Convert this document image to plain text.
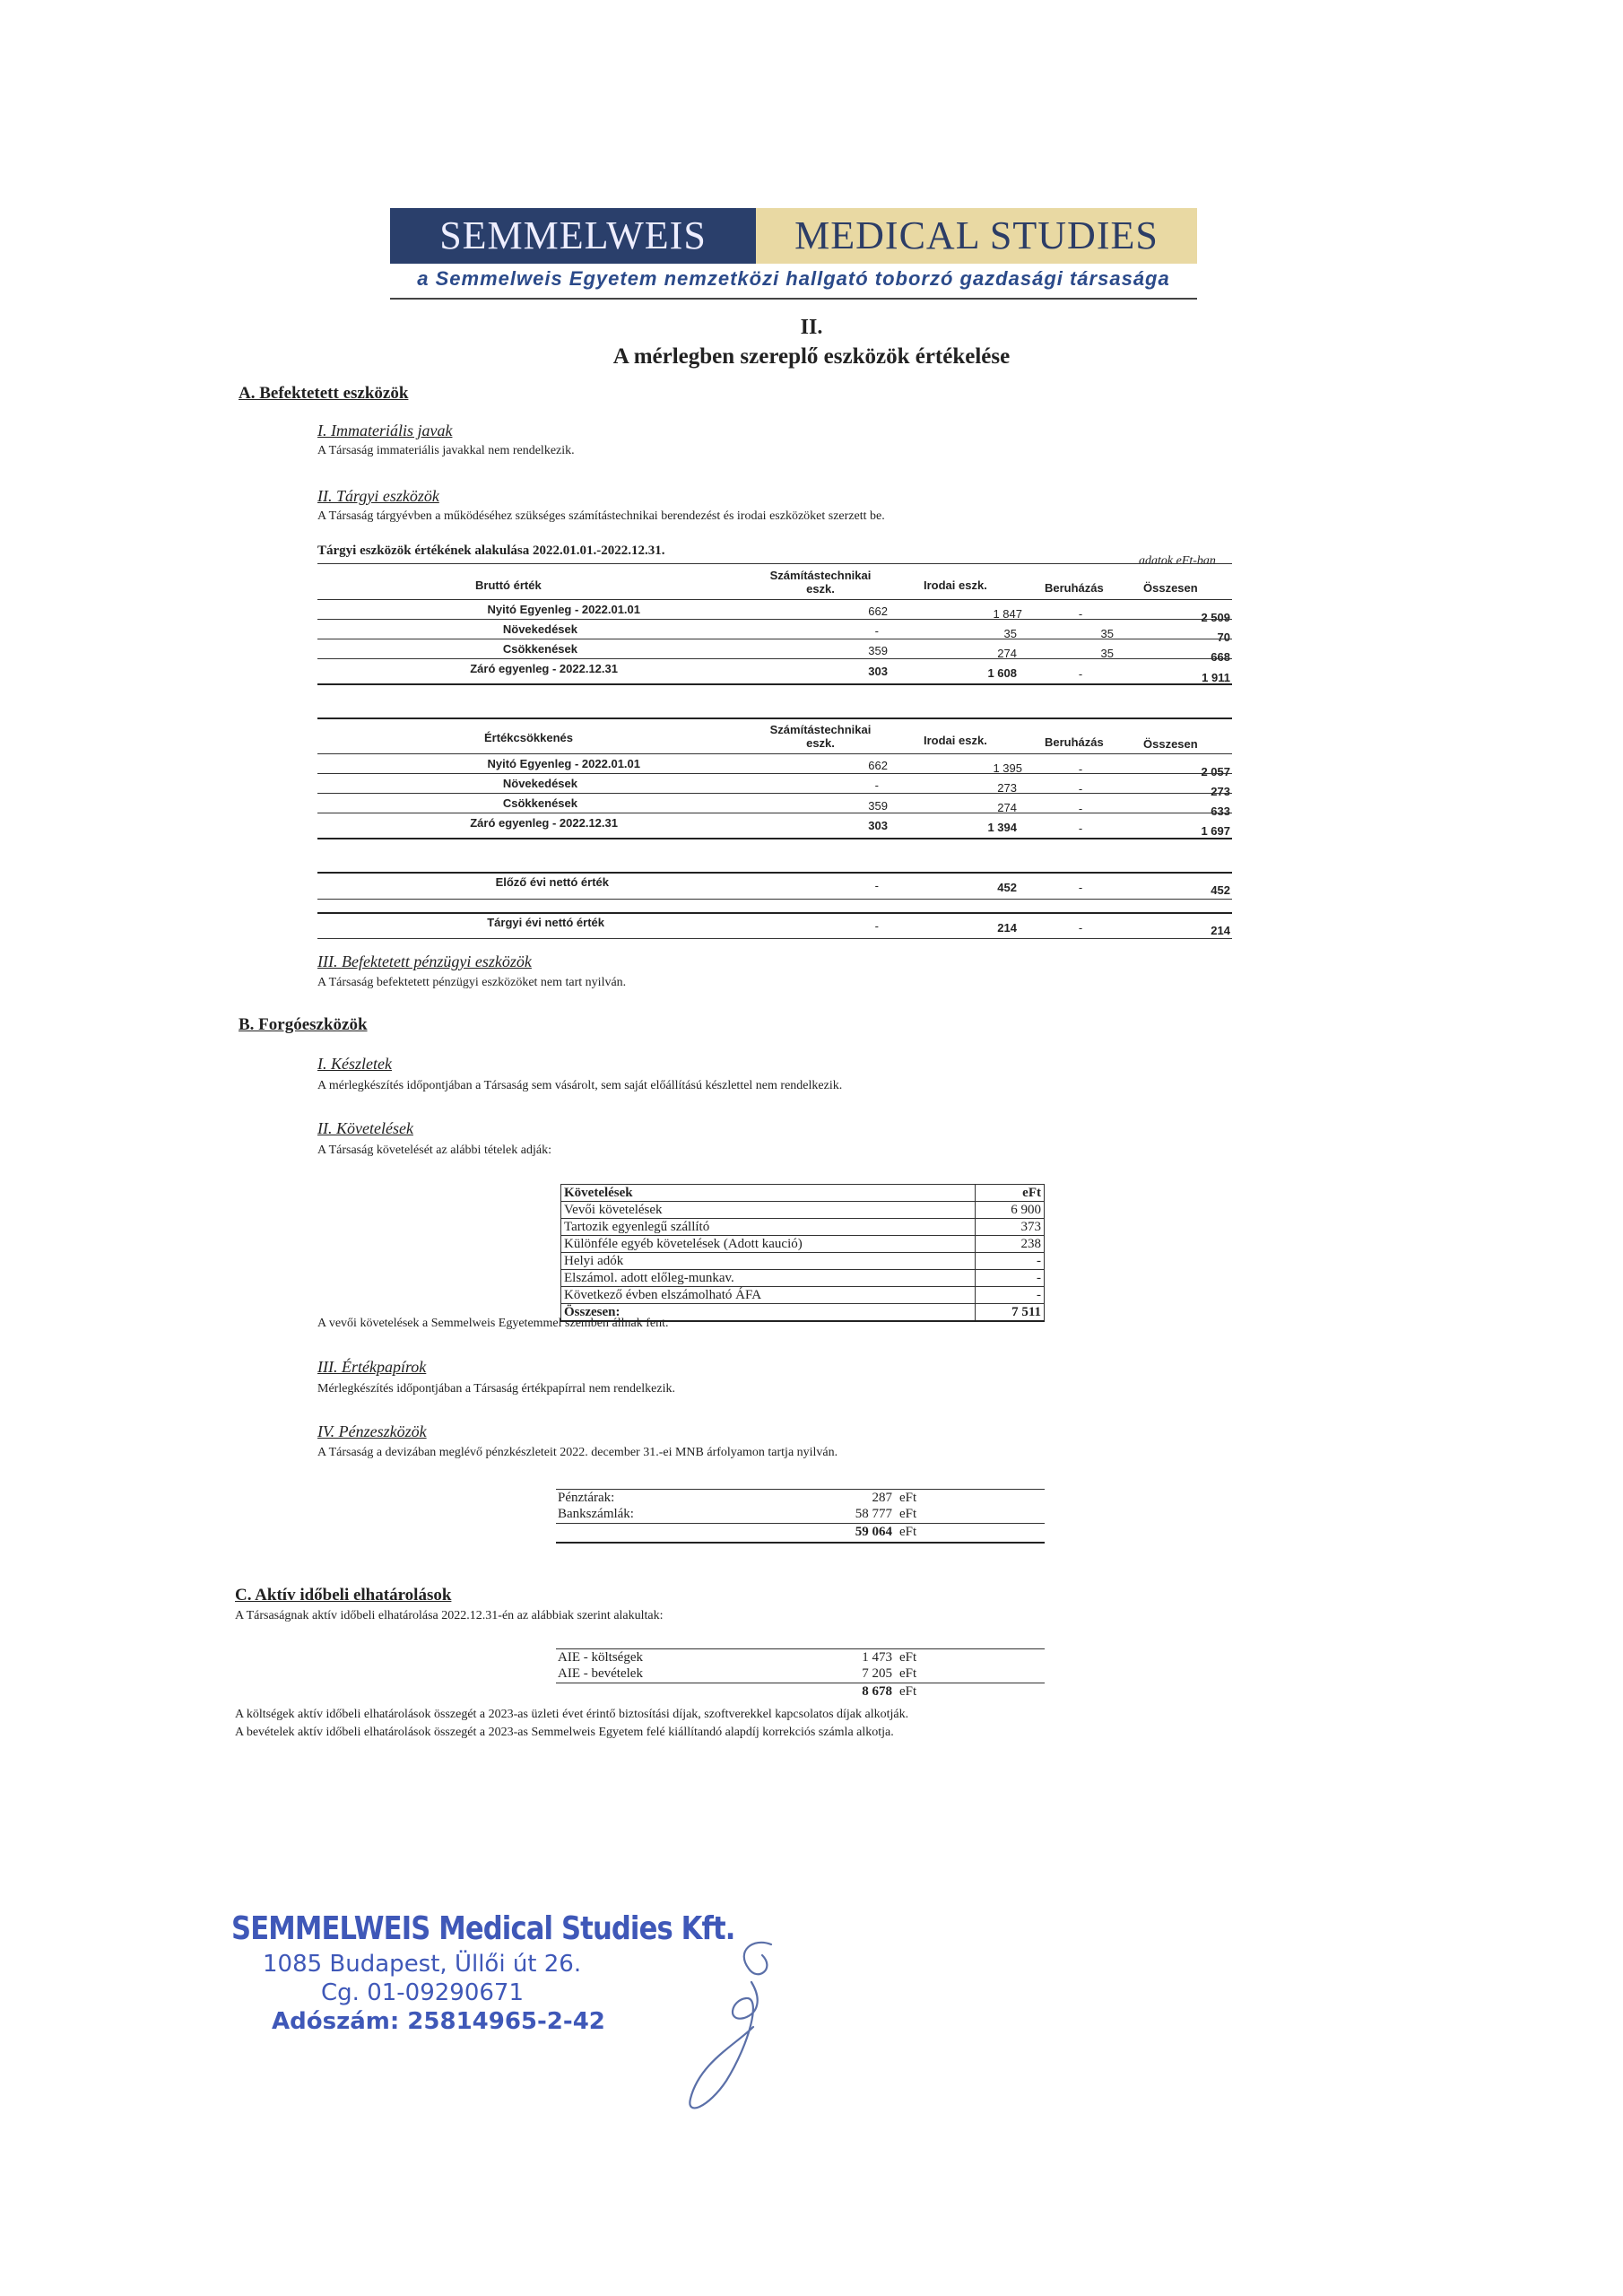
SEMMELWEIS	MEDICAL STUDIES
a Semmelweis Egyetem nemzetközi hallgató toborzó gazdasági társasága
II.
A mérlegben szereplő eszközök értékelése
A. Befektetett eszközök
I. Immateriális javak
A Társaság immateriális javakkal nem rendelkezik.
II. Tárgyi eszközök
A Társaság tárgyévben a működéséhez szükséges számítástechnikai berendezést és irodai eszközöket szerzett be.
Tárgyi eszközök értékének alakulása 2022.01.01.-2022.12.31.
adatok eFt-ban
Bruttó érték
Számítástechnikai eszk.	Irodai eszk.	Beruházás	Összesen
Nyitó Egyenleg - 2022.01.01	662	1 847	-	2 509
Növekedések	-	35	35	70
Csökkenések	359	274	35	668
Záró egyenleg - 2022.12.31	303	1 608	-	1 911
Értékcsökkenés
Számítástechnikai eszk.	Irodai eszk.	Beruházás	Összesen
Nyitó Egyenleg - 2022.01.01	662	1 395	-	2 057
Növekedések	-	273	-	273
Csökkenések	359	274	-	633
Záró egyenleg - 2022.12.31	303	1 394	-	1 697
Előző évi nettó érték	-	452	-	452
Tárgyi évi nettó érték	-	214	-	214
III. Befektetett pénzügyi eszközök
A Társaság befektetett pénzügyi eszközöket nem tart nyilván.
B. Forgóeszközök
I. Készletek
A mérlegkészítés időpontjában a Társaság sem vásárolt, sem saját előállítású készlettel nem rendelkezik.
II. Követelések
A Társaság követelését az alábbi tételek adják:
Követelések	eFt
Vevői követelések	6 900
Tartozik egyenlegű szállító	373
Különféle egyéb követelések (Adott kaució)	238
Helyi adók	-
Elszámol. adott előleg-munkav.	-
Következő évben elszámolható ÁFA	-
Összesen:	7 511
A vevői követelések a Semmelweis Egyetemmel szemben állnak fent.
III. Értékpapírok
Mérlegkészítés időpontjában a Társaság értékpapírral nem rendelkezik.
IV. Pénzeszközök
A Társaság a devizában meglévő pénzkészleteit 2022. december 31.-ei MNB árfolyamon tartja nyilván.
Pénztárak:	287 eFt
Bankszámlák:	58 777 eFt
59 064 eFt
C. Aktív időbeli elhatárolások
A Társaságnak aktív időbeli elhatárolása 2022.12.31-én az alábbiak szerint alakultak:
AIE - költségek	1 473 eFt
AIE - bevételek	7 205 eFt
8 678 eFt
A költségek aktív időbeli elhatárolások összegét a 2023-as üzleti évet érintő biztosítási díjak, szoftverekkel kapcsolatos díjak alkotják.
A bevételek aktív időbeli elhatárolások összegét a 2023-as Semmelweis Egyetem felé kiállítandó alapdíj korrekciós számla alkotja.
SEMMELWEIS Medical Studies Kft.
1085 Budapest, Üllői út 26.
Cg. 01-09290671
Adószám: 25814965-2-42
